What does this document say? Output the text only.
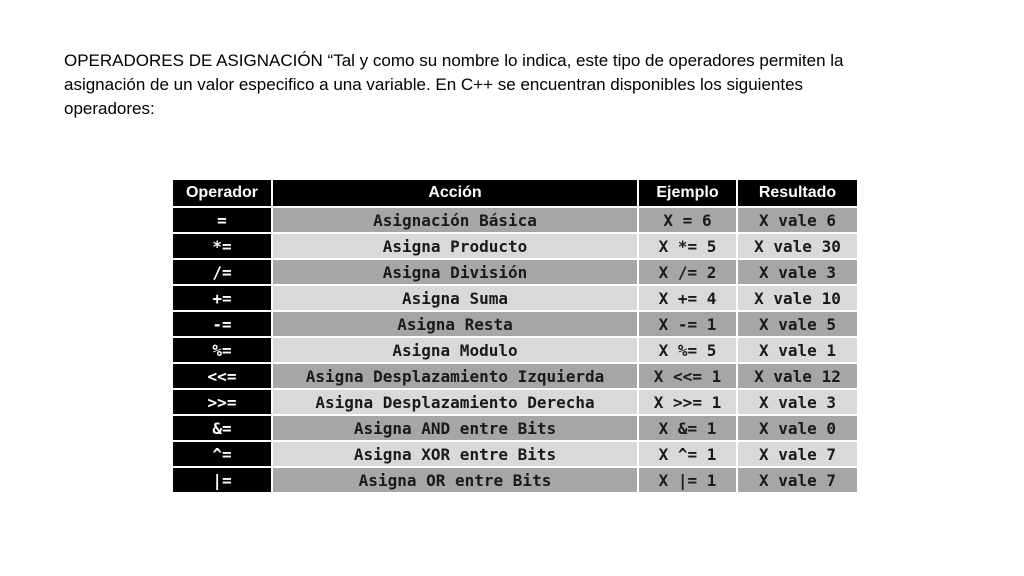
OPERADORES DE ASIGNACIÓN “Tal y como su nombre lo indica, este tipo de operadores permiten la asignación de un valor especifico a una variable. En C++ se encuentran disponibles los siguientes operadores:

Operador	Acción	Ejemplo	Resultado
=	Asignación Básica	X = 6	X vale 6
*=	Asigna Producto	X *= 5	X vale 30
/=	Asigna División	X /= 2	X vale 3
+=	Asigna Suma	X += 4	X vale 10
-=	Asigna Resta	X -= 1	X vale 5
%=	Asigna Modulo	X %= 5	X vale 1
<<=	Asigna Desplazamiento Izquierda	X <<= 1	X vale 12
>>=	Asigna Desplazamiento Derecha	X >>= 1	X vale 3
&=	Asigna AND entre Bits	X &= 1	X vale 0
^=	Asigna XOR entre Bits	X ^= 1	X vale 7
|=	Asigna OR entre Bits	X |= 1	X vale 7
